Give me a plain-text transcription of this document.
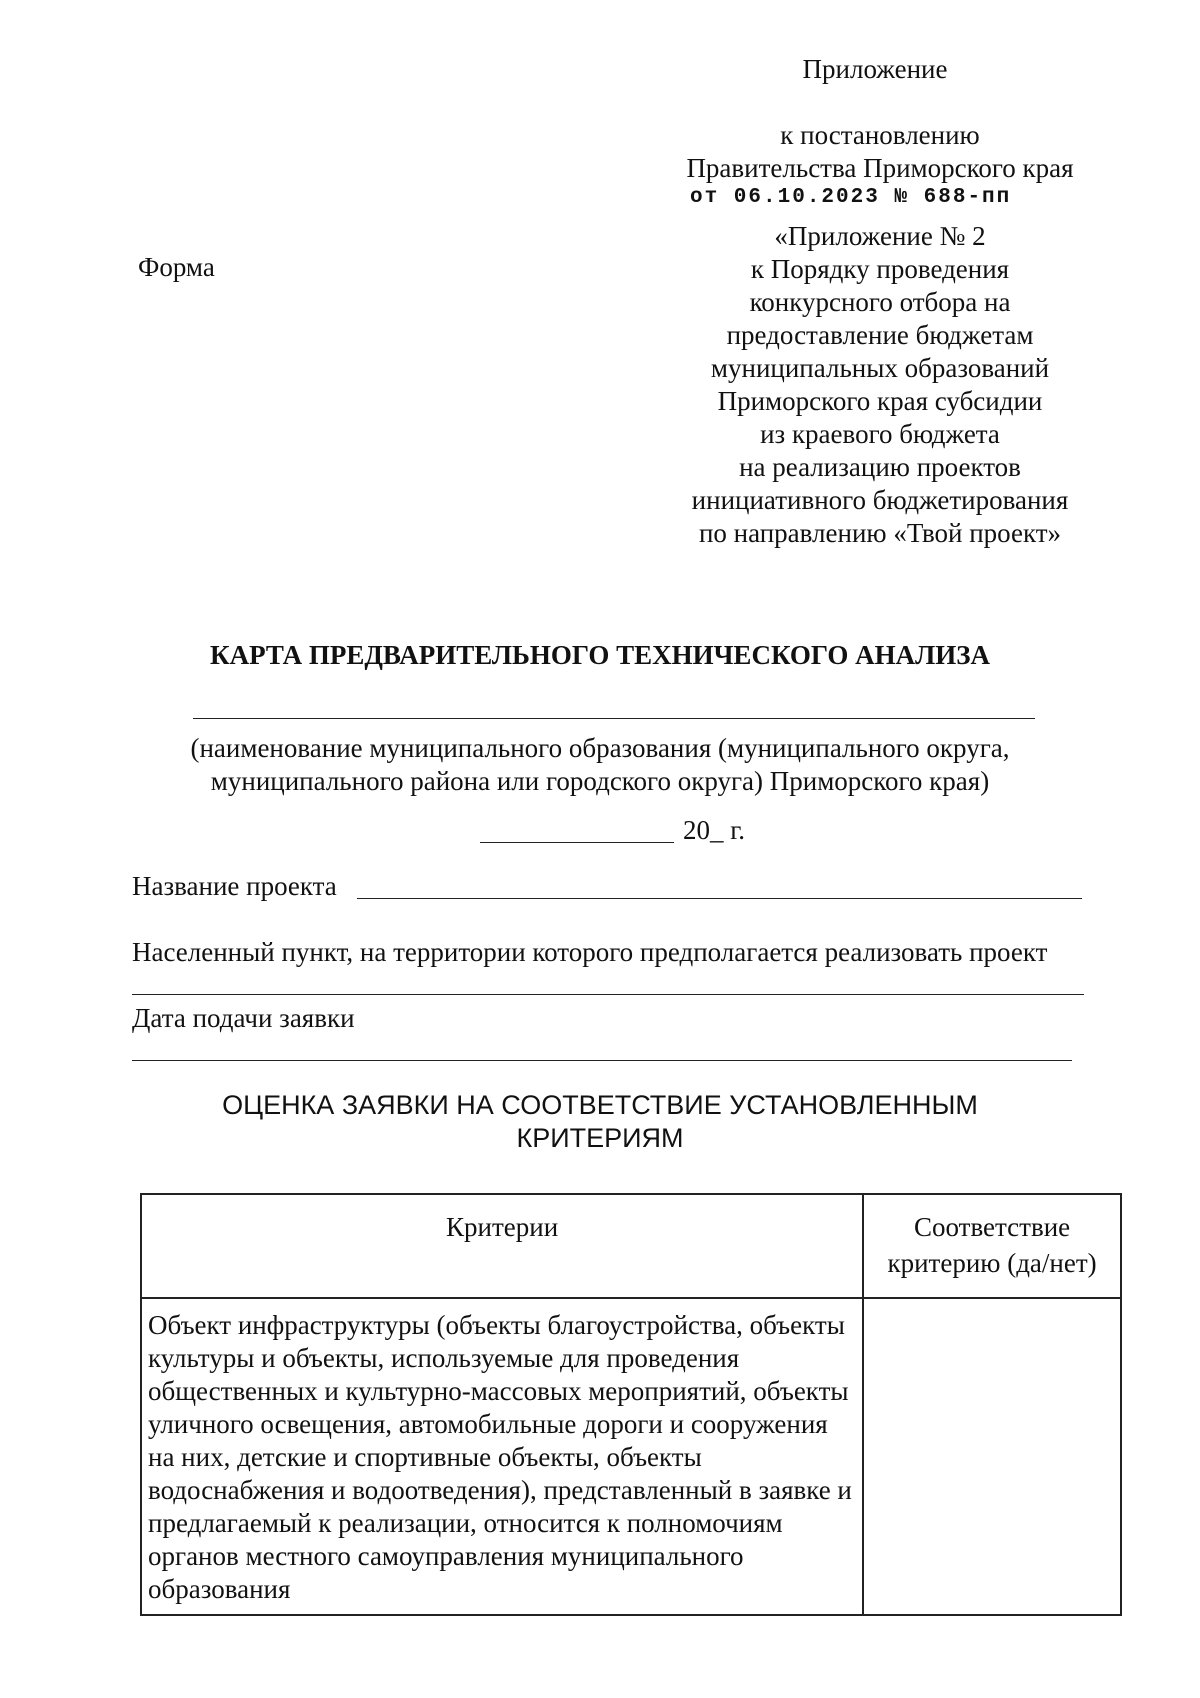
Приложение
к постановлению
Правительства Приморского края
от 06.10.2023 № 688-пп
Форма
«Приложение № 2
к Порядку проведения
конкурсного отбора на
предоставление бюджетам
муниципальных образований
Приморского края субсидии
из краевого бюджета
на реализацию проектов
инициативного бюджетирования
по направлению «Твой проект»
КАРТА ПРЕДВАРИТЕЛЬНОГО ТЕХНИЧЕСКОГО АНАЛИЗА
(наименование муниципального образования (муниципального округа,
муниципального района или городского округа) Приморского края)
20_ г.
Название проекта
Населенный пункт, на территории которого предполагается реализовать проект
Дата подачи заявки
ОЦЕНКА ЗАЯВКИ НА СООТВЕТСТВИЕ УСТАНОВЛЕННЫМ
КРИТЕРИЯМ
Критерии	Соответствие критерию (да/нет)
Объект инфраструктуры (объекты благоустройства, объекты культуры и объекты, используемые для проведения общественных и культурно-массовых мероприятий, объекты уличного освещения, автомобильные дороги и сооружения на них, детские и спортивные объекты, объекты водоснабжения и водоотведения), представленный в заявке и предлагаемый к реализации, относится к полномочиям органов местного самоуправления муниципального образования	
